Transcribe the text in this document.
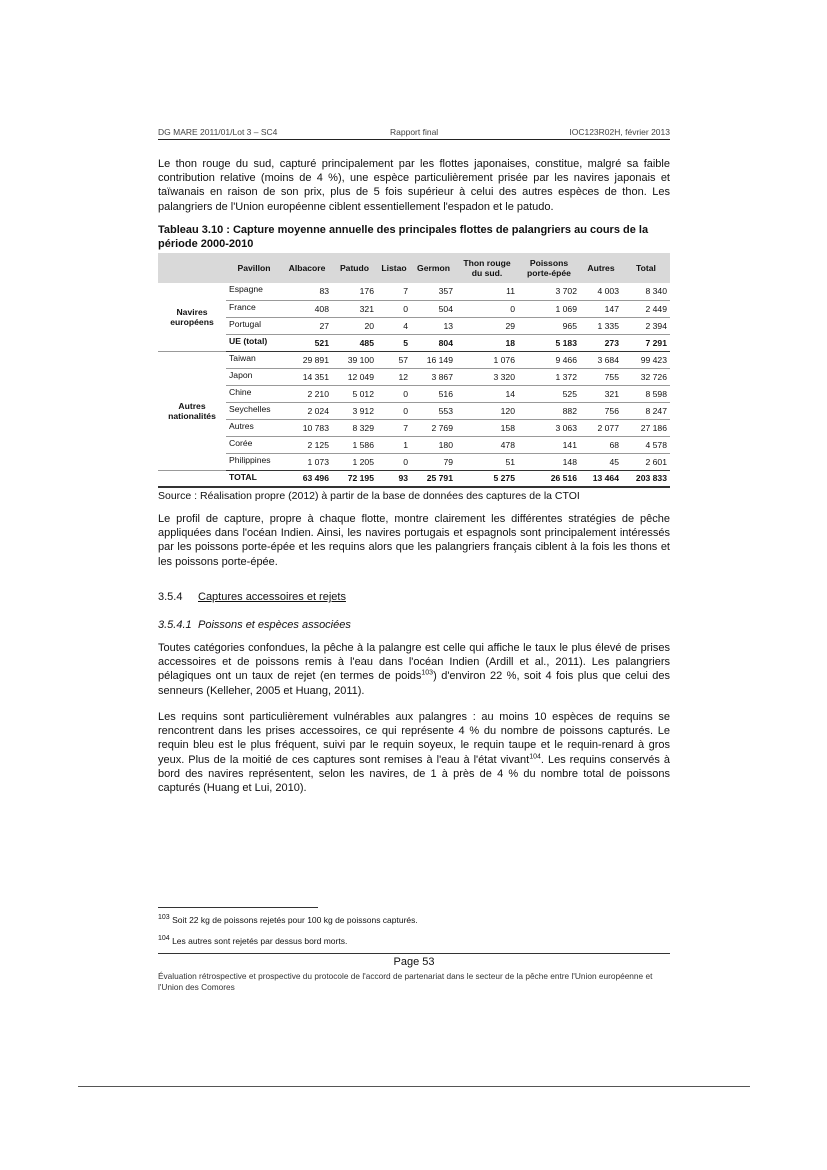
DG MARE 2011/01/Lot 3 – SC4	Rapport final	IOC123R02H, février 2013

Le thon rouge du sud, capturé principalement par les flottes japonaises, constitue, malgré sa faible contribution relative (moins de 4 %), une espèce particulièrement prisée par les navires japonais et taïwanais en raison de son prix, plus de 5 fois supérieur à celui des autres espèces de thon. Les palangriers de l'Union européenne ciblent essentiellement l'espadon et le patudo.

Tableau 3.10 : Capture moyenne annuelle des principales flottes de palangriers au cours de la période 2000-2010
	Pavillon	Albacore	Patudo	Listao	Germon	Thon rouge du sud.	Poissons porte-épée	Autres	Total
Navires européens	Espagne	83	176	7	357	11	3 702	4 003	8 340
	France	408	321	0	504	0	1 069	147	2 449
	Portugal	27	20	4	13	29	965	1 335	2 394
	UE (total)	521	485	5	804	18	5 183	273	7 291
Autres nationalités	Taiwan	29 891	39 100	57	16 149	1 076	9 466	3 684	99 423
	Japon	14 351	12 049	12	3 867	3 320	1 372	755	32 726
	Chine	2 210	5 012	0	516	14	525	321	8 598
	Seychelles	2 024	3 912	0	553	120	882	756	8 247
	Autres	10 783	8 329	7	2 769	158	3 063	2 077	27 186
	Corée	2 125	1 586	1	180	478	141	68	4 578
	Philippines	1 073	1 205	0	79	51	148	45	2 601
	TOTAL	63 496	72 195	93	25 791	5 275	26 516	13 464	203 833
Source : Réalisation propre (2012) à partir de la base de données des captures de la CTOI

Le profil de capture, propre à chaque flotte, montre clairement les différentes stratégies de pêche appliquées dans l'océan Indien. Ainsi, les navires portugais et espagnols sont principalement intéressés par les poissons porte-épée et les requins alors que les palangriers français ciblent à la fois les thons et les poissons porte-épée.

3.5.4 Captures accessoires et rejets
3.5.4.1 Poissons et espèces associées

Toutes catégories confondues, la pêche à la palangre est celle qui affiche le taux le plus élevé de prises accessoires et de poissons remis à l'eau dans l'océan Indien (Ardill et al., 2011). Les palangriers pélagiques ont un taux de rejet (en termes de poids$^{103}$) d'environ 22 %, soit 4 fois plus que celui des senneurs (Kelleher, 2005 et Huang, 2011).

Les requins sont particulièrement vulnérables aux palangres : au moins 10 espèces de requins se rencontrent dans les prises accessoires, ce qui représente 4 % du nombre de poissons capturés. Le requin bleu est le plus fréquent, suivi par le requin soyeux, le requin taupe et le requin-renard à gros yeux. Plus de la moitié de ces captures sont remises à l'eau à l'état vivant$^{104}$. Les requins conservés à bord des navires représentent, selon les navires, de 1 à près de 4 % du nombre total de poissons capturés (Huang et Lui, 2010).

$^{103}$ Soit 22 kg de poissons rejetés pour 100 kg de poissons capturés.
$^{104}$ Les autres sont rejetés par dessus bord morts.
Page 53
Évaluation rétrospective et prospective du protocole de l'accord de partenariat dans le secteur de la pêche entre l'Union européenne et l'Union des Comores
